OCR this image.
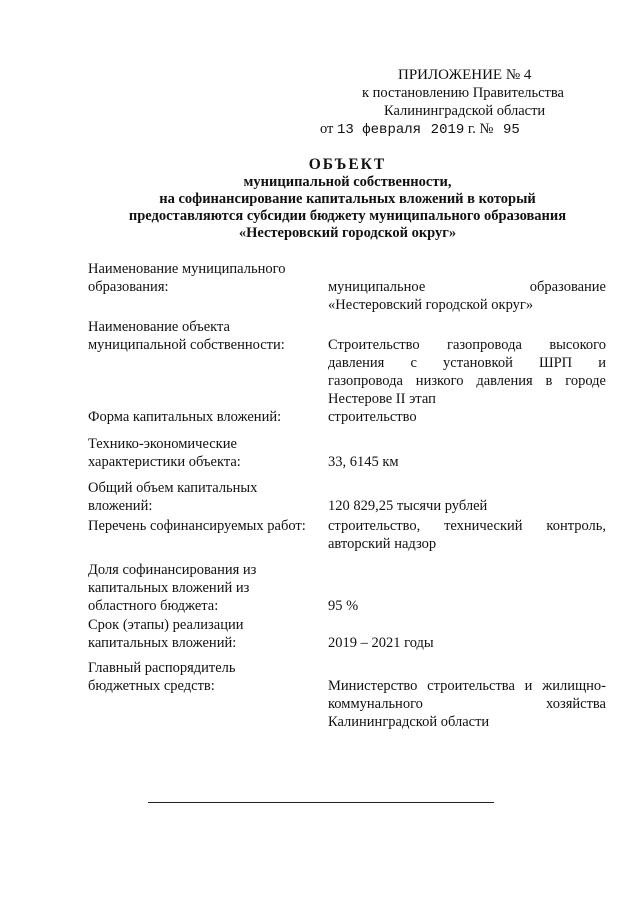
ПРИЛОЖЕНИЕ № 4
к постановлению Правительства
Калининградской области
от 13 февраля 2019 г. № 95
ОБЪЕКТ
муниципальной собственности,
на софинансирование капитальных вложений в который
предоставляются субсидии бюджету муниципального образования
«Нестеровский городской округ»
Наименование муниципального
образования:	муниципальное образование
«Нестеровский городской округ»
Наименование объекта
муниципальной собственности:	Строительство газопровода высокого
давления с установкой ШРП и
газопровода низкого давления в городе
Нестерове II этап
Форма капитальных вложений:	строительство
Технико-экономические
характеристики объекта:	33, 6145 км
Общий объем капитальных
вложений:	120 829,25 тысячи рублей
Перечень софинансируемых работ:	строительство, технический контроль,
авторский надзор
Доля софинансирования из
капитальных вложений из
областного бюджета:	95 %
Срок (этапы) реализации
капитальных вложений:	2019 – 2021 годы
Главный распорядитель
бюджетных средств:	Министерство строительства и жилищно-
коммунального хозяйства
Калининградской области
